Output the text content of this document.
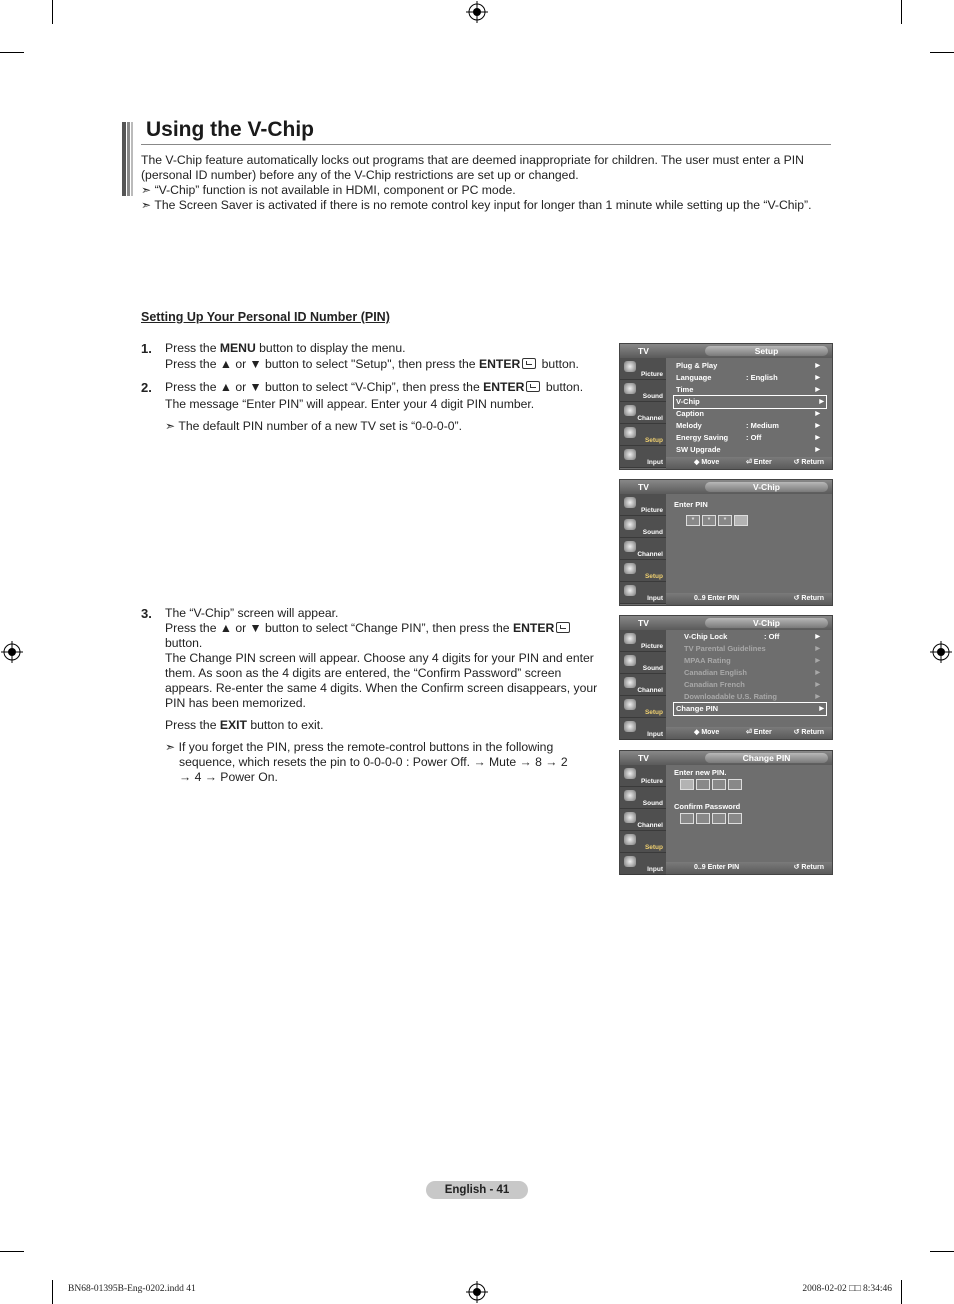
Using the V-Chip

The V-Chip feature automatically locks out programs that are deemed inappropriate for children. The user must enter a PIN (personal ID number) before any of the V-Chip restrictions are set up or changed.

➣ “V-Chip” function is not available in HDMI, component or PC mode.

➣ The Screen Saver is activated if there is no remote control key input for longer than 1 minute while setting up the “V-Chip”.

Setting Up Your Personal ID Number (PIN)
1. Press the MENU button to display the menu.

Press the ▲ or ▼ button to select "Setup", then press the ENTER button.

2. Press the ▲ or ▼ button to select “V-Chip”, then press the ENTER button.

The message “Enter PIN” will appear. Enter your 4 digit PIN number.

➣ The default PIN number of a new TV set is “0-0-0-0”.

3. The “V-Chip” screen will appear.

Press the ▲ or ▼ button to select “Change PIN”, then press the ENTER button.

The Change PIN screen will appear. Choose any 4 digits for your PIN and enter them. As soon as the 4 digits are entered, the “Confirm Password” screen appears. Re-enter the same 4 digits. When the Confirm screen disappears, your PIN has been memorized.

Press the EXIT button to exit.

➣ If you forget the PIN, press the remote-control buttons in the following sequence, which resets the pin to 0-0-0-0 : Power Off. → Mute → 8 → 2 → 4 → Power On.

TV	Setup
Picture
Sound
Channel
Setup
Input
Plug & Play	▶
Language	: English	▶
Time	▶
V-Chip	▶
Caption	▶
Melody	: Medium	▶
Energy Saving : Off	▶
SW Upgrade	▶
◆ Move	⏎ Enter	↺ Return
TV	V-Chip
Picture
Sound
Channel
Setup
Input
Enter PIN
*	*	*
0..9 Enter PIN	↺ Return
TV	V-Chip
Picture
Sound
Channel
Setup
Input
V-Chip Lock	: Off	▶
TV Parental Guidelines	▶
MPAA Rating	▶
Canadian English	▶
Canadian French	▶
Downloadable U.S. Rating	▶
Change PIN	▶
◆ Move	⏎ Enter	↺ Return
TV	Change PIN
Picture
Sound
Channel
Setup
Input
Enter new PIN.
Confirm Password
0..9 Enter PIN	↺ Return
English - 41
BN68-01395B-Eng-0202.indd 41	2008-02-02 □□ 8:34:46
